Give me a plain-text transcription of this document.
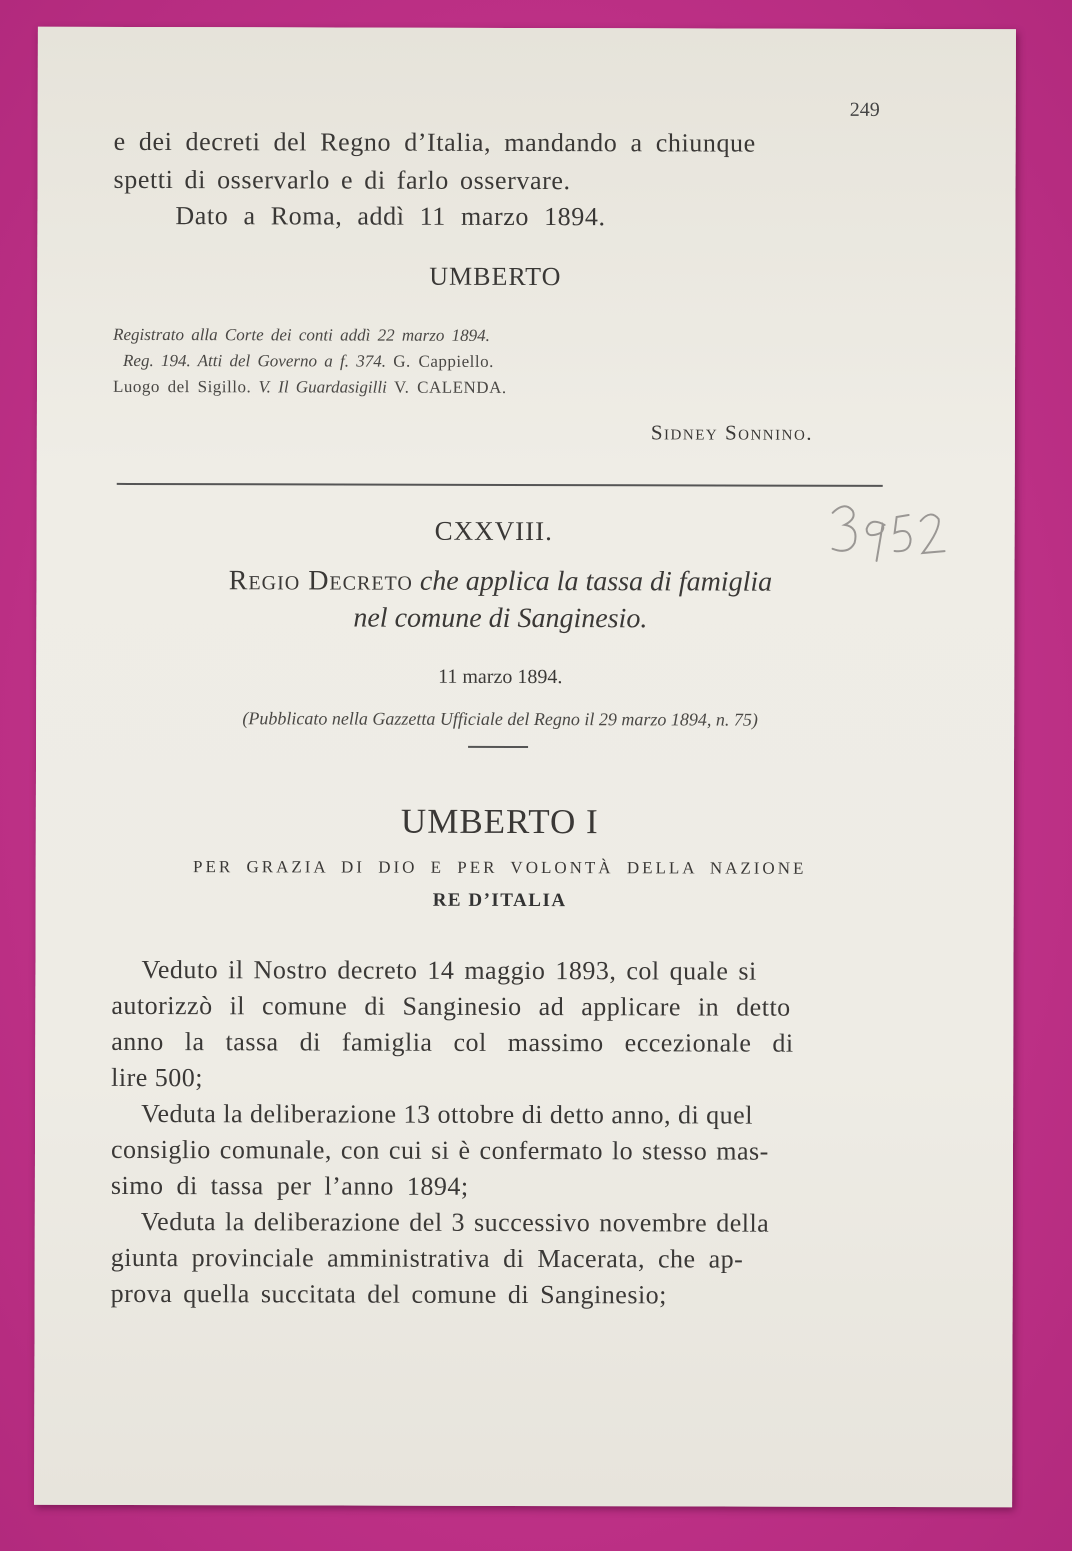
249
e dei decreti del Regno d’Italia, mandando a chiunque
spetti di osservarlo e di farlo osservare.
Dato a Roma, addì 11 marzo 1894.
UMBERTO
Registrato alla Corte dei conti addì 22 marzo 1894.
Reg. 194. Atti del Governo a f. 374. G. Cappiello.
Luogo del Sigillo. V. Il Guardasigilli V. CALENDA.
Sidney Sonnino.
CXXVIII.
Regio Decreto che applica la tassa di famiglia
nel comune di Sanginesio.
11 marzo 1894.
(Pubblicato nella Gazzetta Ufficiale del Regno il 29 marzo 1894, n. 75)
UMBERTO I
PER GRAZIA DI DIO E PER VOLONTÀ DELLA NAZIONE
RE D’ITALIA
Veduto il Nostro decreto 14 maggio 1893, col quale si
autorizzò il comune di Sanginesio ad applicare in detto
anno la tassa di famiglia col massimo eccezionale di
lire 500;
Veduta la deliberazione 13 ottobre di detto anno, di quel
consiglio comunale, con cui si è confermato lo stesso mas-
simo di tassa per l’anno 1894;
Veduta la deliberazione del 3 successivo novembre della
giunta provinciale amministrativa di Macerata, che ap-
prova quella succitata del comune di Sanginesio;
